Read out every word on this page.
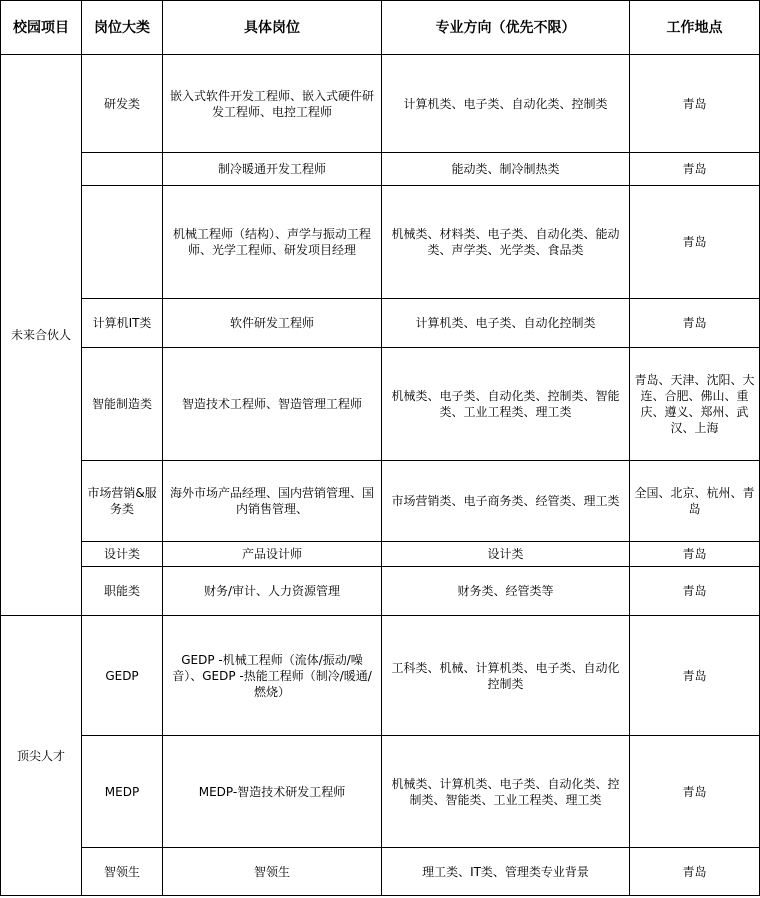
校园项目	岗位大类	具体岗位	专业方向（优先不限）	工作地点
未来合伙人	研发类	嵌入式软件开发工程师、嵌入式硬件研发工程师、电控工程师	计算机类、电子类、自动化类、控制类	青岛
		制冷暖通开发工程师	能动类、制冷制热类	青岛
		机械工程师（结构）、声学与振动工程师、光学工程师、研发项目经理	机械类、材料类、电子类、自动化类、能动类、声学类、光学类、食品类	青岛
	计算机IT类	软件研发工程师	计算机类、电子类、自动化控制类	青岛
	智能制造类	智造技术工程师、智造管理工程师	机械类、电子类、自动化类、控制类、智能类、工业工程类、理工类	青岛、天津、沈阳、大连、合肥、佛山、重庆、遵义、郑州、武汉、上海
	市场营销&服务类	海外市场产品经理、国内营销管理、国内销售管理、	市场营销类、电子商务类、经管类、理工类	全国、北京、杭州、青岛
	设计类	产品设计师	设计类	青岛
	职能类	财务/审计、人力资源管理	财务类、经管类等	青岛
顶尖人才	GEDP	GEDP -机械工程师（流体/振动/噪音）、GEDP -热能工程师（制冷/暖通/燃烧）	工科类、机械、计算机类、电子类、自动化控制类	青岛
	MEDP	MEDP-智造技术研发工程师	机械类、计算机类、电子类、自动化类、控制类、智能类、工业工程类、理工类	青岛
	智领生	智领生	理工类、IT类、管理类专业背景	青岛
